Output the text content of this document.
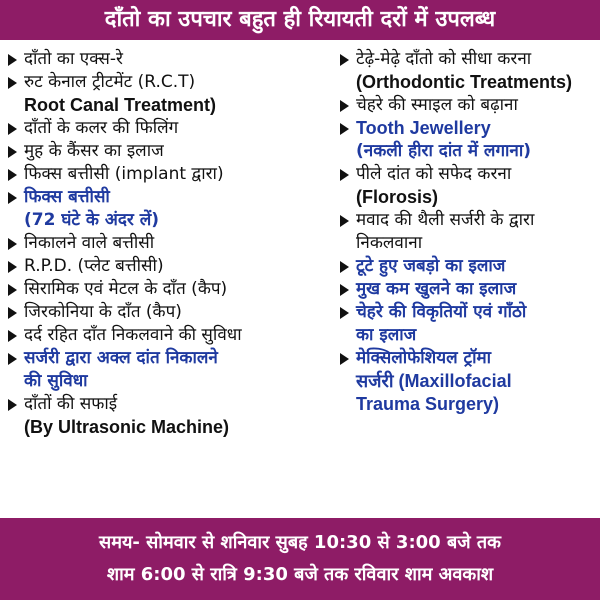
दाँतो का उपचार बहुत ही रियायती दरों में उपलब्ध
दाँतो का एक्स-रे
रुट केनाल ट्रीटमेंट (R.C.T)
Root Canal Treatment)
दाँतों के कलर की फिलिंग
मुह के कैंसर का इलाज
फिक्स बत्तीसी (implant द्वारा)
फिक्स बत्तीसी
(72 घंटे के अंदर लें)
निकालने वाले बत्तीसी
R.P.D. (प्लेट बत्तीसी)
सिरामिक एवं मेटल के दाँत (कैप)
जिरकोनिया के दाँत (कैप)
दर्द रहित दाँत निकलवाने की सुविधा
सर्जरी द्वारा अक्ल दांत निकालने
की सुविधा
दाँतों की सफाई
(By Ultrasonic Machine)
टेढ़े-मेढ़े दाँतो को सीधा करना
(Orthodontic Treatments)
चेहरे की स्माइल को बढ़ाना
Tooth Jewellery
(नकली हीरा दांत में लगाना)
पीले दांत को सफेद करना
(Florosis)
मवाद की थैली सर्जरी के द्वारा
निकलवाना
टूटे हुए जबड़ो का इलाज
मुख कम खुलने का इलाज
चेहरे की विकृतियों एवं गाँठो
का इलाज
मेक्सिलोफेशियल ट्रॉमा
सर्जरी (Maxillofacial
Trauma Surgery)
समय- सोमवार से शनिवार सुबह 10:30 से 3:00 बजे तक
शाम 6:00 से रात्रि 9:30 बजे तक रविवार शाम अवकाश
